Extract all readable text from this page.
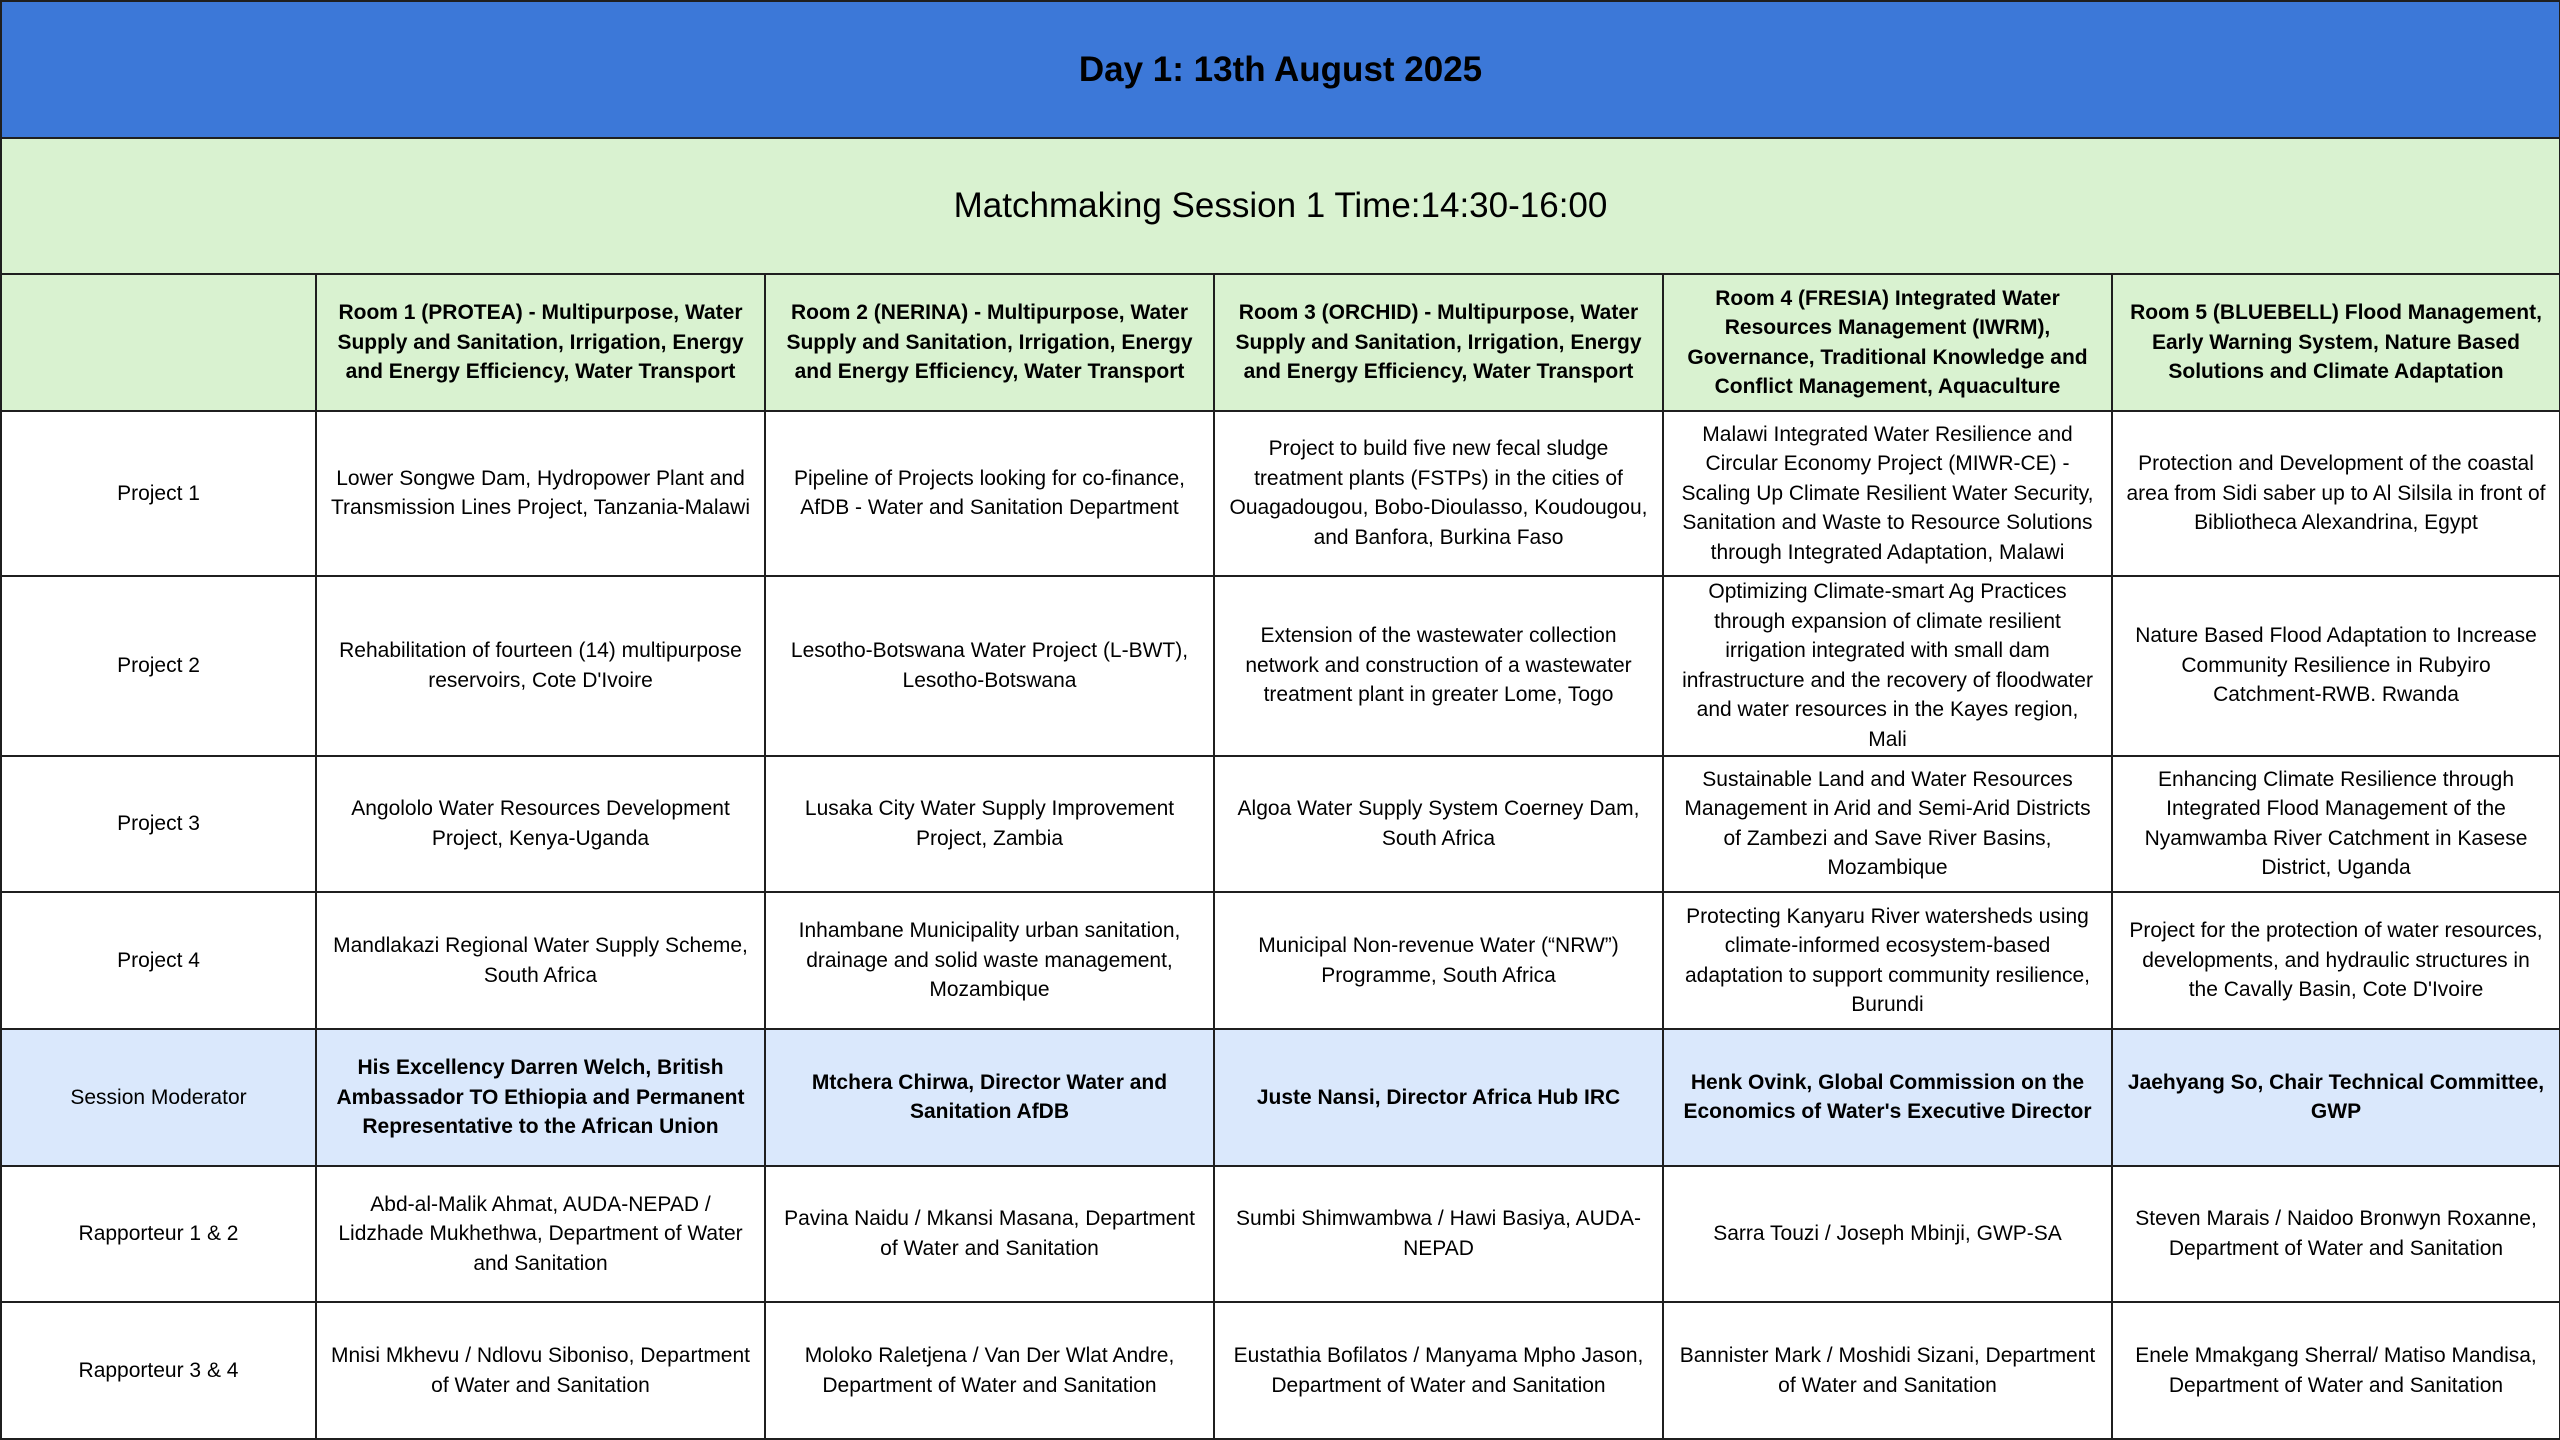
Day 1: 13th August 2025					
Matchmaking Session 1 Time:14:30-16:00					
	Room 1 (PROTEA) - Multipurpose, Water Supply and Sanitation, Irrigation, Energy and Energy Efficiency, Water Transport	Room 2 (NERINA) - Multipurpose, Water Supply and Sanitation, Irrigation, Energy and Energy Efficiency, Water Transport	Room 3 (ORCHID) - Multipurpose, Water Supply and Sanitation, Irrigation, Energy and Energy Efficiency, Water Transport	Room 4 (FRESIA) Integrated Water Resources Management (IWRM), Governance, Traditional Knowledge and Conflict Management, Aquaculture	Room 5 (BLUEBELL) Flood Management, Early Warning System, Nature Based Solutions and Climate Adaptation
Project 1	Lower Songwe Dam, Hydropower Plant and Transmission Lines Project, Tanzania-Malawi	Pipeline of Projects looking for co-finance, AfDB - Water and Sanitation Department	Project to build five new fecal sludge treatment plants (FSTPs) in the cities of Ouagadougou, Bobo-Dioulasso, Koudougou, and Banfora, Burkina Faso	Malawi Integrated Water Resilience and Circular Economy Project (MIWR-CE) - Scaling Up Climate Resilient Water Security, Sanitation and Waste to Resource Solutions through Integrated Adaptation, Malawi	Protection and Development of the coastal area from Sidi saber up to Al Silsila in front of Bibliotheca Alexandrina, Egypt
Project 2	Rehabilitation of fourteen (14) multipurpose reservoirs, Cote D'Ivoire	Lesotho-Botswana Water Project (L-BWT), Lesotho-Botswana	Extension of the wastewater collection network and construction of a wastewater treatment plant in greater Lome, Togo	Optimizing Climate-smart Ag Practices through expansion of climate resilient irrigation integrated with small dam infrastructure and the recovery of floodwater and water resources in the Kayes region, Mali	Nature Based Flood Adaptation to Increase Community Resilience in Rubyiro Catchment-RWB. Rwanda
Project 3	Angololo Water Resources Development Project, Kenya-Uganda	Lusaka City Water Supply Improvement Project, Zambia	Algoa Water Supply System Coerney Dam, South Africa	Sustainable Land and Water Resources Management in Arid and Semi-Arid Districts of Zambezi and Save River Basins, Mozambique	Enhancing Climate Resilience through Integrated Flood Management of the Nyamwamba River Catchment in Kasese District, Uganda
Project 4	Mandlakazi Regional Water Supply Scheme, South Africa	Inhambane Municipality urban sanitation, drainage and solid waste management, Mozambique	Municipal Non-revenue Water (“NRW”) Programme, South Africa	Protecting Kanyaru River watersheds using climate-informed ecosystem-based adaptation to support community resilience, Burundi	Project for the protection of water resources, developments, and hydraulic structures in the Cavally Basin, Cote D'Ivoire
Session Moderator	His Excellency Darren Welch, British Ambassador TO Ethiopia and Permanent Representative to the African Union	Mtchera Chirwa, Director Water and Sanitation AfDB	Juste Nansi, Director Africa Hub IRC	Henk Ovink, Global Commission on the Economics of Water's Executive Director	Jaehyang So, Chair Technical Committee, GWP
Rapporteur 1 & 2	Abd-al-Malik Ahmat, AUDA-NEPAD / Lidzhade Mukhethwa, Department of Water and Sanitation	Pavina Naidu / Mkansi Masana, Department of Water and Sanitation	Sumbi Shimwambwa / Hawi Basiya, AUDA-NEPAD	Sarra Touzi / Joseph Mbinji, GWP-SA	Steven Marais / Naidoo Bronwyn Roxanne, Department of Water and Sanitation
Rapporteur 3 & 4	Mnisi Mkhevu / Ndlovu Siboniso, Department of Water and Sanitation	Moloko Raletjena / Van Der Wlat Andre, Department of Water and Sanitation	Eustathia Bofilatos / Manyama Mpho Jason, Department of Water and Sanitation	Bannister Mark / Moshidi Sizani, Department of Water and Sanitation	Enele Mmakgang Sherral/ Matiso Mandisa, Department of Water and Sanitation
